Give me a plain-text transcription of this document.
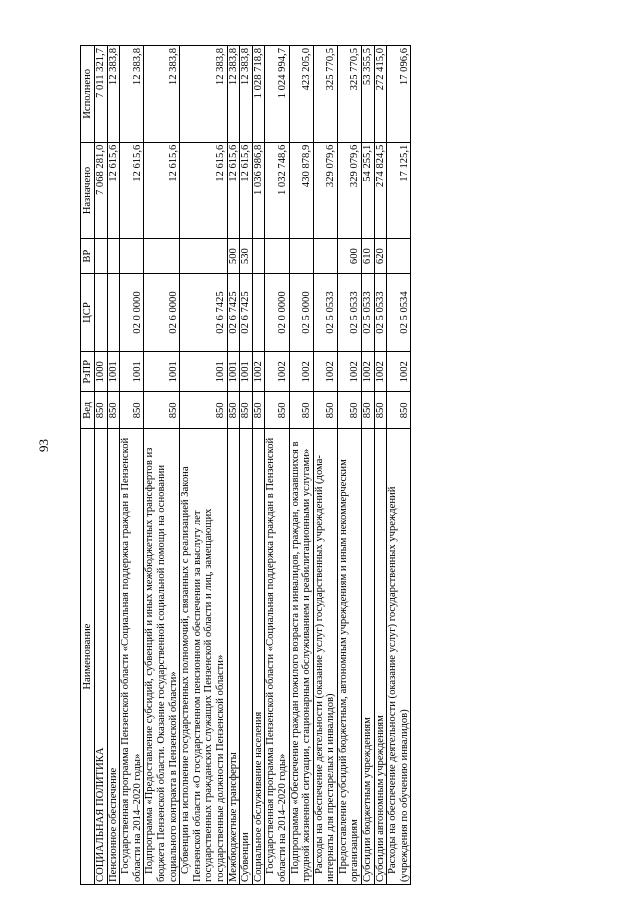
93
Наименование	Вед	РзПР	ЦСР	ВР	Назначено	Исполнено
СОЦИАЛЬНАЯ ПОЛИТИКА	850	1000			7 068 281,0	7 011 321,7
Пенсионное обеспечение	850	1001			12 615,6	12 383,8
Государственная программа Пензенской области «Социальная поддержка граждан в Пензенской области на 2014–2020 годы»	850	1001	02 0 0000		12 615,6	12 383,8
Подпрограмма «Предоставление субсидий, субвенций и иных межбюджетных трансфертов из бюджета Пензенской области. Оказание государственной социальной помощи на основании социального контракта в Пензенской области»	850	1001	02 6 0000		12 615,6	12 383,8
Субвенции на исполнение государственных полномочий, связанных с реализацией Закона Пензенской области «О государственном пенсионном обеспечении за выслугу лет государственных гражданских служащих Пензенской области и лиц, замещающих государственные должности Пензенской области»	850	1001	02 6 7425		12 615,6	12 383,8
Межбюджетные трансферты	850	1001	02 6 7425	500	12 615,6	12 383,8
Субвенции	850	1001	02 6 7425	530	12 615,6	12 383,8
Социальное обслуживание населения	850	1002			1 036 986,8	1 028 718,8
Государственная программа Пензенской области «Социальная поддержка граждан в Пензенской области на 2014–2020 годы»	850	1002	02 0 0000		1 032 748,6	1 024 994,7
Подпрограмма «Обеспечение граждан пожилого возраста и инвалидов, граждан, оказавшихся в трудной жизненной ситуации, стационарным обслуживанием и реабилитационными услугами»	850	1002	02 5 0000		430 878,9	423 205,0
Расходы на обеспечение деятельности (оказание услуг) государственных учреждений (дома-интернаты для престарелых и инвалидов)	850	1002	02 5 0533		329 079,6	325 770,5
Предоставление субсидий бюджетным, автономным учреждениям и иным некоммерческим организациям	850	1002	02 5 0533	600	329 079,6	325 770,5
Субсидии бюджетным учреждениям	850	1002	02 5 0533	610	54 255,1	53 355,5
Субсидии автономным учреждениям	850	1002	02 5 0533	620	274 824,5	272 415,0
Расходы на обеспечение деятельности (оказание услуг) государственных учреждений (учреждения по обучению инвалидов)	850	1002	02 5 0534		17 125,1	17 096,6
